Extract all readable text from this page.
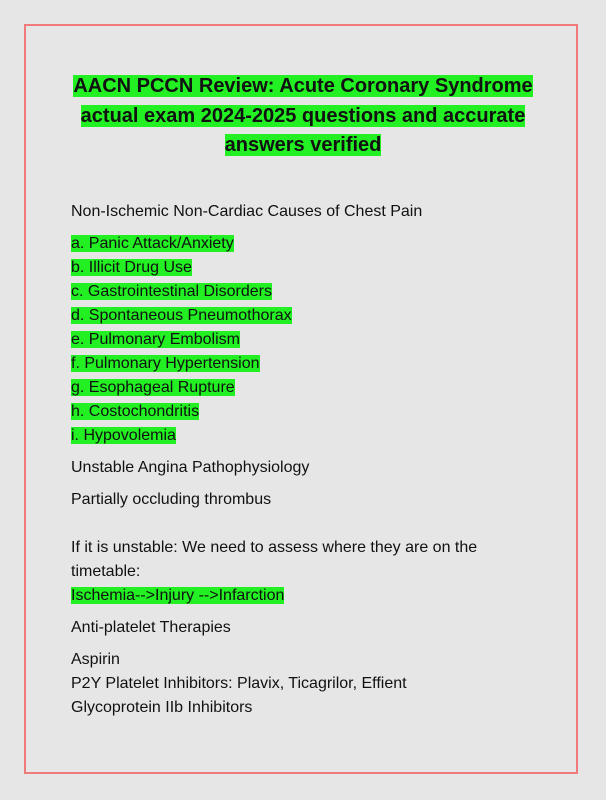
AACN PCCN Review: Acute Coronary Syndrome
actual exam 2024-2025 questions and accurate
answers verified

Non-Ischemic Non-Cardiac Causes of Chest Pain

a. Panic Attack/Anxiety
b. Illicit Drug Use
c. Gastrointestinal Disorders
d. Spontaneous Pneumothorax
e. Pulmonary Embolism
f. Pulmonary Hypertension
g. Esophageal Rupture
h. Costochondritis
i. Hypovolemia

Unstable Angina Pathophysiology

Partially occluding thrombus

If it is unstable: We need to assess where they are on the

timetable:

Ischemia-->Injury -->Infarction

Anti-platelet Therapies

Aspirin

P2Y Platelet Inhibitors: Plavix, Ticagrilor, Effient

Glycoprotein IIb Inhibitors
